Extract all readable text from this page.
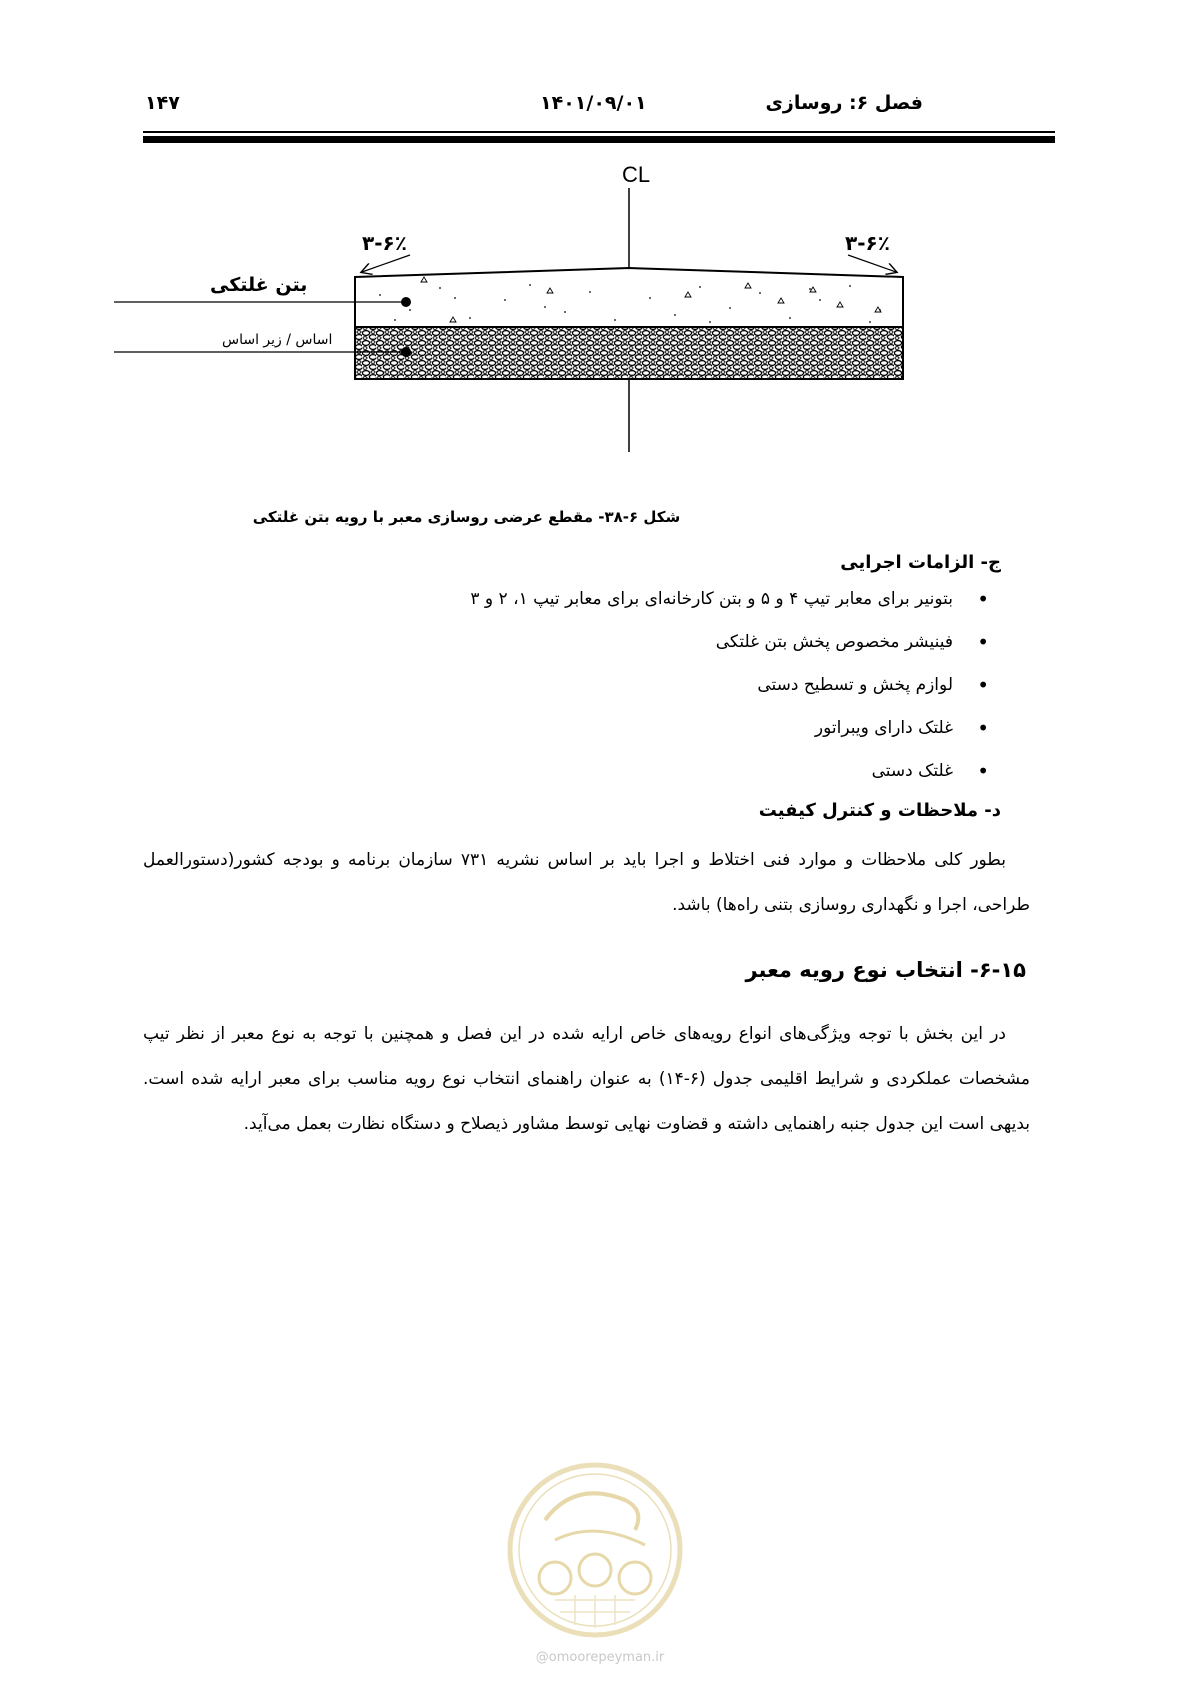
فصل ۶: روسازی
۱۴۰۱/۰۹/۰۱
۱۴۷
CL
۳-۶٪	۳-۶٪
بتن غلتکی
اساس / زیر اساس
شکل ۶-۳۸- مقطع عرضی روسازی معبر با رویه بتن غلتکی
ج- الزامات اجرایی
• بتونیر برای معابر تیپ ۴ و ۵ و بتن کارخانه‌ای برای معابر تیپ ۱، ۲ و ۳
• فینیشر مخصوص پخش بتن غلتکی
• لوازم پخش و تسطیح دستی
• غلتک دارای ویبراتور
• غلتک دستی
د- ملاحظات و کنترل کیفیت
بطور کلی ملاحظات و موارد فنی اختلاط و اجرا باید بر اساس نشریه ۷۳۱ سازمان برنامه و بودجه کشور(دستورالعمل طراحی، اجرا و نگهداری روسازی بتنی راه‌ها) باشد.
۶-۱۵- انتخاب نوع رویه معبر
در این بخش با توجه ویژگی‌های انواع رویه‌های خاص ارایه شده در این فصل و همچنین با توجه به نوع معبر از نظر تیپ مشخصات عملکردی و شرایط اقلیمی جدول (۶-۱۴) به عنوان راهنمای انتخاب نوع رویه مناسب برای معبر ارایه شده است. بدیهی است این جدول جنبه راهنمایی داشته و قضاوت نهایی توسط مشاور ذیصلاح و دستگاه نظارت بعمل می‌آید.
@omoorepeyman.ir
